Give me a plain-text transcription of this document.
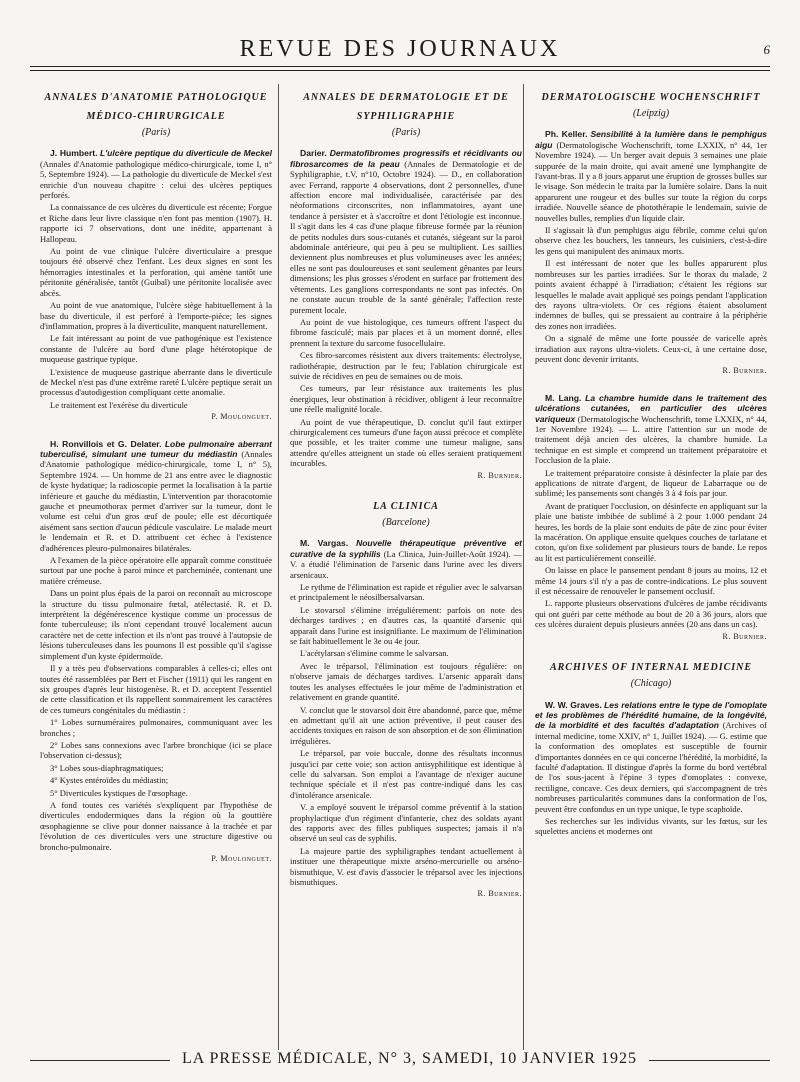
REVUE DES JOURNAUX	6
ANNALES D'ANATOMIE PATHOLOGIQUE MÉDICO-CHIRURGICALE
(Paris)

J. Humbert. L'ulcère peptique du diverticule de Meckel (Annales d'Anatomie pathologique médico-chirurgicale, tome I, n° 5, Septembre 1924). — La pathologie du diverticule de Meckel s'est enrichie d'un nouveau chapitre : celui des ulcères peptiques perforés.

La connaissance de ces ulcères du diverticule est récente; Forgue et Riche dans leur livre classique n'en font pas mention (1907). H. rapporte ici 7 observations, dont une inédite, appartenant à Hallopeau.

Au point de vue clinique l'ulcère diverticulaire a presque toujours été observé chez l'enfant. Les deux signes en sont les hémorragies intestinales et la perforation, qui amène tantôt une péritonite généralisée, tantôt (Guibal) une péritonite localisée avec abcès.

Au point de vue anatomique, l'ulcère siège habituellement à la base du diverticule, il est perforé à l'emporte-pièce; les signes d'inflammation, propres à la diverticulite, manquent naturellement.

Le fait intéressant au point de vue pathogénique est l'existence constante de l'ulcère au bord d'une plage hétérotopique de muqueuse gastrique typique.

L'existence de muqueuse gastrique aberrante dans le diverticule de Meckel n'est pas d'une extrême rareté L'ulcère peptique serait un processus d'autodigestion compliquant cette anomalie.

Le traitement est l'exérèse du diverticule

P. Moulonguet.

H. Ronvillois et G. Delater. Lobe pulmonaire aberrant tuberculisé, simulant une tumeur du médiastin (Annales d'Anatomie pathologique médico-chirurgicale, tome I, n° 5), Septembre 1924. — Un homme de 21 ans entre avec le diagnostic de kyste hydatique; la radioscopie permet la localisation à la partie inférieure et gauche du médiastin, L'intervention par thoracotomie gauche et pneumothorax permet d'arriver sur la tumeur, dont le volume est celui d'un gros œuf de poule; elle est décortiquée aisément sans section d'aucun pédicule vasculaire. Le malade meurt le lendemain et R. et D. attribuent cet échec à l'existence d'adhérences pleuro-pulmonaires bilatérales.

A l'examen de la pièce opératoire elle apparaît comme constituée surtout par une poche à paroi mince et parcheminée, contenant une matière crémeuse.

Dans un point plus épais de la paroi on reconnaît au microscope la structure du tissu pulmonaire fœtal, atélectasié. R. et D. interprètent la dégénérescence kystique comme un processus de fonte tuberculeuse; ils n'ont cependant trouvé localement aucun caractère net de cette infection et ils n'ont pas trouvé à l'autopsie de lésions tuberculeuses dans les poumons Il est possible qu'il s'agisse simplement d'un kyste épidermoïde.

Il y a très peu d'observations comparables à celles-ci; elles ont toutes été rassemblées par Bert et Fischer (1911) qui les rangent en six groupes d'après leur histogenèse. R. et D. acceptent l'essentiel de cette classification et ils rappellent sommairement les caractères de ces tumeurs congénitales du médiastin :

1° Lobes surnuméraires pulmonaires, communiquant avec les bronches ;

2° Lobes sans connexions avec l'arbre bronchique (ici se place l'observation ci-dessus);

3° Lobes sous-diaphragmatiques;

4° Kystes entéroïdes du médiastin;

5° Diverticules kystiques de l'œsophage.

A fond toutes ces variétés s'expliquent par l'hypothèse de diverticules endodermiques dans la région où la gouttière œsophagienne se clive pour donner naissance à la trachée et par l'évolution de ces diverticules vers une structure digestive ou broncho-pulmonaire.

P. Moulonguet.
ANNALES DE DERMATOLOGIE ET DE SYPHILIGRAPHIE
(Paris)

Darier. Dermatofibromes progressifs et récidivants ou fibrosarcomes de la peau (Annales de Dermatologie et de Syphiligraphie, t.V, n°10, Octobre 1924). — D., en collaboration avec Ferrand, rapporte 4 observations, dont 2 personnelles, d'une affection encore mal individualisée, caractérisée par des néoformations circonscrites, non inflammatoires, ayant une tendance à persister et à s'accroître et dont l'étiologie est inconnue. Il s'agit dans les 4 cas d'une plaque fibreuse formée par la réunion de petits nodules durs sous-cutanés et cutanés, siégeant sur la paroi abdominale antérieure, qui peu à peu se multiplient. Les saillies deviennent plus nombreuses et plus volumineuses avec les années; elles ne sont pas douloureuses et sont seulement gênantes par leurs dimensions; les plus grosses s'érodent en surface par frottement des vêtements. Les ganglions correspondants ne sont pas infectés. On ne constate aucun trouble de la santé générale; l'affection reste purement locale.

Au point de vue histologique, ces tumeurs offrent l'aspect du fibrome fasciculé; mais par places et à un moment donné, elles prennent la texture du sarcome fusocellulaire.

Ces fibro-sarcomes résistent aux divers traitements: électrolyse, radiothérapie, destruction par le feu; l'ablation chirurgicale est suivie de récidives en peu de semaines ou de mois.

Ces tumeurs, par leur résistance aux traitements les plus énergiques, leur obstination à récidiver, obligent à leur reconnaître une réelle malignité locale.

Au point de vue thérapeutique, D. conclut qu'il faut extirper chirurgicalement ces tumeurs d'une façon aussi précoce et complète que possible, et les traiter comme une tumeur maligne, sans attendre qu'elles atteignent un stade où elles seraient pratiquement incurables.

R. Burnier.
LA CLINICA
(Barcelone)

M. Vargas. Nouvelle thérapeutique préventive et curative de la syphilis (La Clinica, Juin-Juillet-Août 1924). — V. a étudié l'élimination de l'arsenic dans l'urine avec les divers arsenicaux.

Le rythme de l'élimination est rapide et régulier avec le salvarsan et principalement le néosilbersalvarsan.

Le stovarsol s'élimine irrégulièrement: parfois on note des décharges tardives ; en d'autres cas, la quantité d'arsenic qui apparaît dans l'urine est insignifiante. Le maximum de l'élimination se fait habituellement le 3e ou 4e jour.

L'acétylarsan s'élimine comme le salvarsan.

Avec le tréparsol, l'élimination est toujours régulière: on n'observe jamais de décharges tardives. L'arsenic apparaît dans toutes les analyses effectuées le jour même de l'administration et relativement en grande quantité.

V. conclut que le stovarsol doit être abandonné, parce que, même en admettant qu'il ait une action préventive, il peut causer des accidents toxiques en raison de son absorption et de son élimination irrégulières.

Le tréparsol, par voie buccale, donne des résultats inconnus jusqu'ici par cette voie; son action antisyphilitique est identique à celle du salvarsan. Son emploi a l'avantage de n'exiger aucune technique spéciale et il n'est pas contre-indiqué dans les cas d'intolérance arsenicale.

V. a employé souvent le tréparsol comme préventif à la station prophylactique d'un régiment d'infanterie, chez des soldats ayant des rapports avec des filles publiques suspectes; jamais il n'a observé un seul cas de syphilis.

La majeure partie des syphiligraphes tendant actuellement à instituer une thérapeutique mixte arséno-mercurielle ou arséno-bismuthique, V. est d'avis d'associer le tréparsol avec les injections bismuthiques.

R. Burnier.
DERMATOLOGISCHE WOCHENSCHRIFT
(Leipzig)

Ph. Keller. Sensibilité à la lumière dans le pemphigus aigu (Dermatologische Wochenschrift, tome LXXIX, n° 44, 1er Novembre 1924). — Un berger avait depuis 3 semaines une plaie suppurée de la main droite, qui avait amené une lymphangite de l'avant-bras. Il y a 8 jours apparut une éruption de grosses bulles sur le visage. Son médecin le traita par la lumière solaire. Dans la nuit apparurent une rougeur et des bulles sur toute la région du corps irradiée. Nouvelle séance de photothérapie le lendemain, suivie de nouvelles bulles, remplies d'un liquide clair.

Il s'agissait là d'un pemphigus aigu fébrile, comme celui qu'on observe chez les bouchers, les tanneurs, les cuisiniers, c'est-à-dire les gens qui manipulent des animaux morts.

Il est intéressant de noter que les bulles apparurent plus nombreuses sur les parties irradiées. Sur le thorax du malade, 2 points avaient échappé à l'irradiation; c'étaient les régions sur lesquelles le malade avait appliqué ses poings pendant l'application des rayons ultra-violets. Or ces régions étaient absolument indemnes de bulles, qui se pressaient au contraire à la périphérie des zones non irradiées.

On a signalé de même une forte poussée de varicelle après irradiation aux rayons ultra-violets. Ceux-ci, à une certaine dose, peuvent donc devenir irritants.

R. Burnier.

M. Lang. La chambre humide dans le traitement des ulcérations cutanées, en particulier des ulcères variqueux (Dermatologische Wochenschrift, tome LXXIX, n° 44, 1er Novembre 1924). — L. attire l'attention sur un mode de traitement déjà ancien des ulcères, la chambre humide. La technique en est simple et comprend un traitement préparatoire et l'occlusion de la plaie.

Le traitement préparatoire consiste à désinfecter la plaie par des applications de nitrate d'argent, de liqueur de Labarraque ou de sublimé; les pansements sont changés 3 à 4 fois par jour.

Avant de pratiquer l'occlusion, on désinfecte en appliquant sur la plaie une batiste imbibée de sublimé à 2 pour 1.000 pendant 24 heures, les bords de la plaie sont enduits de pâte de zinc pour éviter la macération. On applique ensuite quelques couches de tarlatane et coton, qu'on fixe solidement par plusieurs tours de bande. Le repos au lit est particulièrement conseillé.

On laisse en place le pansement pendant 8 jours au moins, 12 et même 14 jours s'il n'y a pas de contre-indications. Le plus souvent il est nécessaire de renouveler le pansement occlusif.

L. rapporte plusieurs observations d'ulcères de jambe récidivants qui ont guéri par cette méthode au bout de 20 à 36 jours, alors que ces ulcères duraient depuis plusieurs années (20 ans dans un cas).

R. Burnier.
ARCHIVES OF INTERNAL MEDICINE
(Chicago)

W. W. Graves. Les relations entre le type de l'omoplate et les problèmes de l'hérédité humaine, de la longévité, de la morbidité et des facultés d'adaptation (Archives of internal medicine, tome XXIV, n° 1, Juillet 1924). — G. estime que la conformation des omoplates est susceptible de fournir d'importantes données en ce qui concerne l'hérédité, la morbidité, la faculté d'adaptation. Il distingue d'après la forme du bord vertébral de l'os sous-jacent à l'épine 3 types d'omoplates : convexe, rectiligne, concave. Ces deux derniers, qui s'accompagnent de très nombreuses particularités communes dans la conformation de l'os, peuvent être confondus en un type unique, le type scaphoïde.

Ses recherches sur les individus vivants, sur les fœtus, sur les squelettes anciens et modernes ont

LA PRESSE MÉDICALE, N° 3, SAMEDI, 10 JANVIER 1925
